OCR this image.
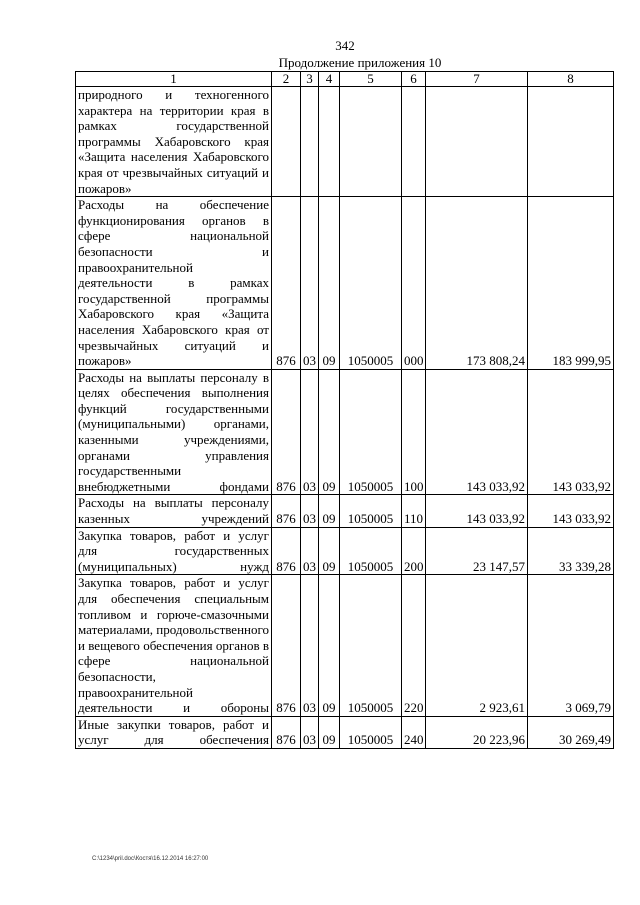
342
Продолжение приложения 10
1	2	3	4	5	6	7	8

природного и техногенного характера на территории края в рамках государственной программы Хабаровского края «Защита населения Хабаровского края от чрезвычайных ситуаций и пожаров»							

Расходы на обеспечение функционирования органов в сфере национальной безопасности и правоохранительной деятельности в рамках государственной программы Хабаровского края «Защита населения Хабаровского края от чрезвычайных ситуаций и пожаров»	876	03	09	1050005	000	173 808,24	183 999,95

Расходы на выплаты персоналу в целях обеспечения выполнения функций государственными (муниципальными) органами, казенными учреждениями, органами управления государственными внебюджетными фондами	876	03	09	1050005	100	143 033,92	143 033,92

Расходы на выплаты персоналу казенных учреждений	876	03	09	1050005	110	143 033,92	143 033,92

Закупка товаров, работ и услуг для государственных (муниципальных) нужд	876	03	09	1050005	200	23 147,57	33 339,28

Закупка товаров, работ и услуг для обеспечения специальным топливом и горюче-смазочными материалами, продовольственного и вещевого обеспечения органов в сфере национальной безопасности, правоохранительной деятельности и обороны	876	03	09	1050005	220	2 923,61	3 069,79

Иные закупки товаров, работ и услуг для обеспечения	876	03	09	1050005	240	20 223,96	30 269,49
C:\1234\pril.doc\Костя\16.12.2014 16:27:00
